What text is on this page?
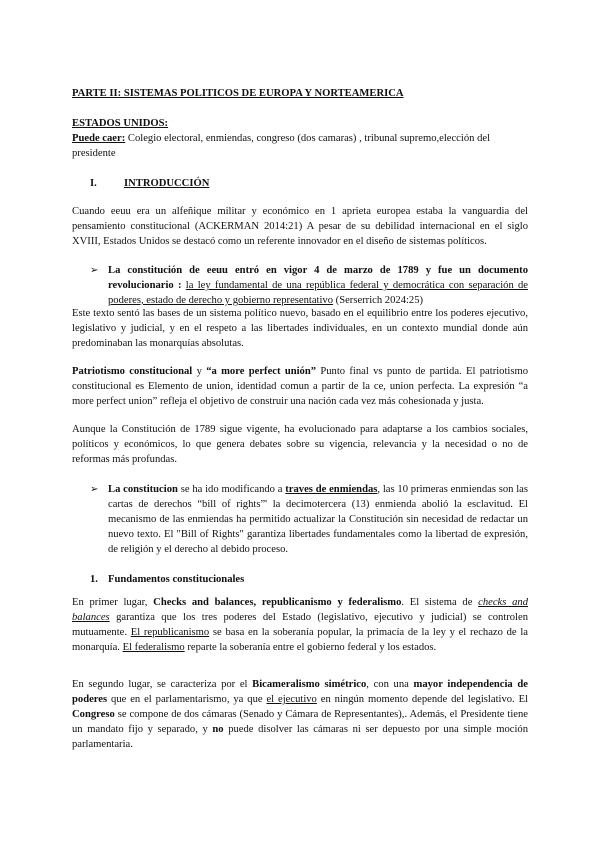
PARTE II: SISTEMAS POLITICOS DE EUROPA Y NORTEAMERICA

ESTADOS UNIDOS:

Puede caer: Colegio electoral, enmiendas, congreso (dos camaras) , tribunal supremo,elección del presidente

I.	INTRODUCCIÓN

Cuando eeuu era un alfeñique militar y económico en 1 aprieta europea estaba la vanguardia del pensamiento constitucional (ACKERMAN 2014:21) A pesar de su debilidad internacional en el siglo XVIII, Estados Unidos se destacó como un referente innovador en el diseño de sistemas políticos.

➢ La constitución de eeuu entró en vigor 4 de marzo de 1789 y fue un documento revolucionario : la ley fundamental de una república federal y democrática con separación de poderes, estado de derecho y gobierno representativo (Serserrich 2024:25)

Este texto sentó las bases de un sistema político nuevo, basado en el equilibrio entre los poderes ejecutivo, legislativo y judicial, y en el respeto a las libertades individuales, en un contexto mundial donde aún predominaban las monarquías absolutas.

Patriotismo constitucional y “a more perfect unión” Punto final vs punto de partida. El patriotismo constitucional es Elemento de union, identidad comun a partir de la ce, union perfecta. La expresión “a more perfect union” refleja el objetivo de construir una nación cada vez más cohesionada y justa.

Aunque la Constitución de 1789 sigue vigente, ha evolucionado para adaptarse a los cambios sociales, políticos y económicos, lo que genera debates sobre su vigencia, relevancia y la necesidad o no de reformas más profundas.

➢ La constitucion se ha ido modificando a traves de enmiendas, las 10 primeras enmiendas son las cartas de derechos “bill of rights”' la decimotercera (13) enmienda abolió la esclavitud. El mecanismo de las enmiendas ha permitido actualizar la Constitución sin necesidad de redactar un nuevo texto. El "Bill of Rights" garantiza libertades fundamentales como la libertad de expresión, de religión y el derecho al debido proceso.

1. Fundamentos constitucionales

En primer lugar, Checks and balances, republicanismo y federalismo. El sistema de checks and balances garantiza que los tres poderes del Estado (legislativo, ejecutivo y judicial) se controlen mutuamente. El republicanismo se basa en la soberanía popular, la primacía de la ley y el rechazo de la monarquía. El federalismo reparte la soberanía entre el gobierno federal y los estados.

En segundo lugar, se caracteriza por el Bicameralismo simétrico, con una mayor independencia de poderes que en el parlamentarismo, ya que el ejecutivo en ningún momento depende del legislativo. El Congreso se compone de dos cámaras (Senado y Cámara de Representantes),. Además, el Presidente tiene un mandato fijo y separado, y no puede disolver las cámaras ni ser depuesto por una simple moción parlamentaria.
